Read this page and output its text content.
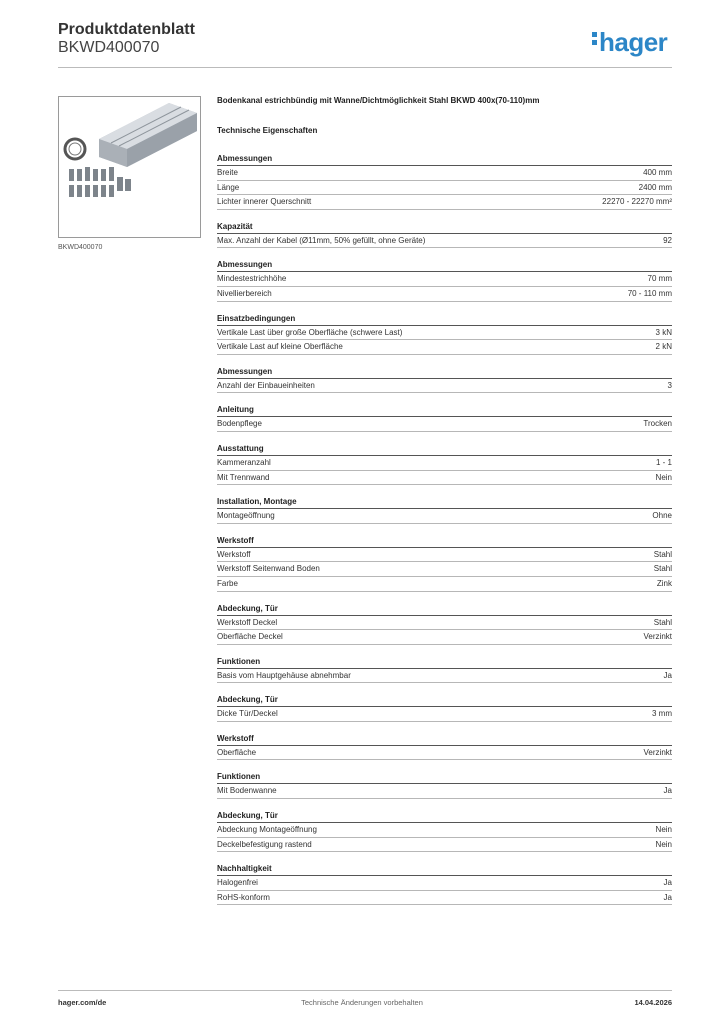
Produktdatenblatt
BKWD400070	hager
BKWD400070
Bodenkanal estrichbündig mit Wanne/Dichtmöglichkeit Stahl BKWD 400x(70-110)mm
Technische Eigenschaften
Abmessungen
Breite	400 mm
Länge	2400 mm
Lichter innerer Querschnitt	22270 - 22270 mm²
Kapazität
Max. Anzahl der Kabel (Ø11mm, 50% gefüllt, ohne Geräte)	92
Abmessungen
Mindestestrichhöhe	70 mm
Nivellierbereich	70 - 110 mm
Einsatzbedingungen
Vertikale Last über große Oberfläche (schwere Last)	3 kN
Vertikale Last auf kleine Oberfläche	2 kN
Abmessungen
Anzahl der Einbaueinheiten	3
Anleitung
Bodenpflege	Trocken
Ausstattung
Kammeranzahl	1 - 1
Mit Trennwand	Nein
Installation, Montage
Montageöffnung	Ohne
Werkstoff
Werkstoff	Stahl
Werkstoff Seitenwand Boden	Stahl
Farbe	Zink
Abdeckung, Tür
Werkstoff Deckel	Stahl
Oberfläche Deckel	Verzinkt
Funktionen
Basis vom Hauptgehäuse abnehmbar	Ja
Abdeckung, Tür
Dicke Tür/Deckel	3 mm
Werkstoff
Oberfläche	Verzinkt
Funktionen
Mit Bodenwanne	Ja
Abdeckung, Tür
Abdeckung Montageöffnung	Nein
Deckelbefestigung rastend	Nein
Nachhaltigkeit
Halogenfrei	Ja
RoHS-konform	Ja
hager.com/de	Technische Änderungen vorbehalten	14.04.2026
